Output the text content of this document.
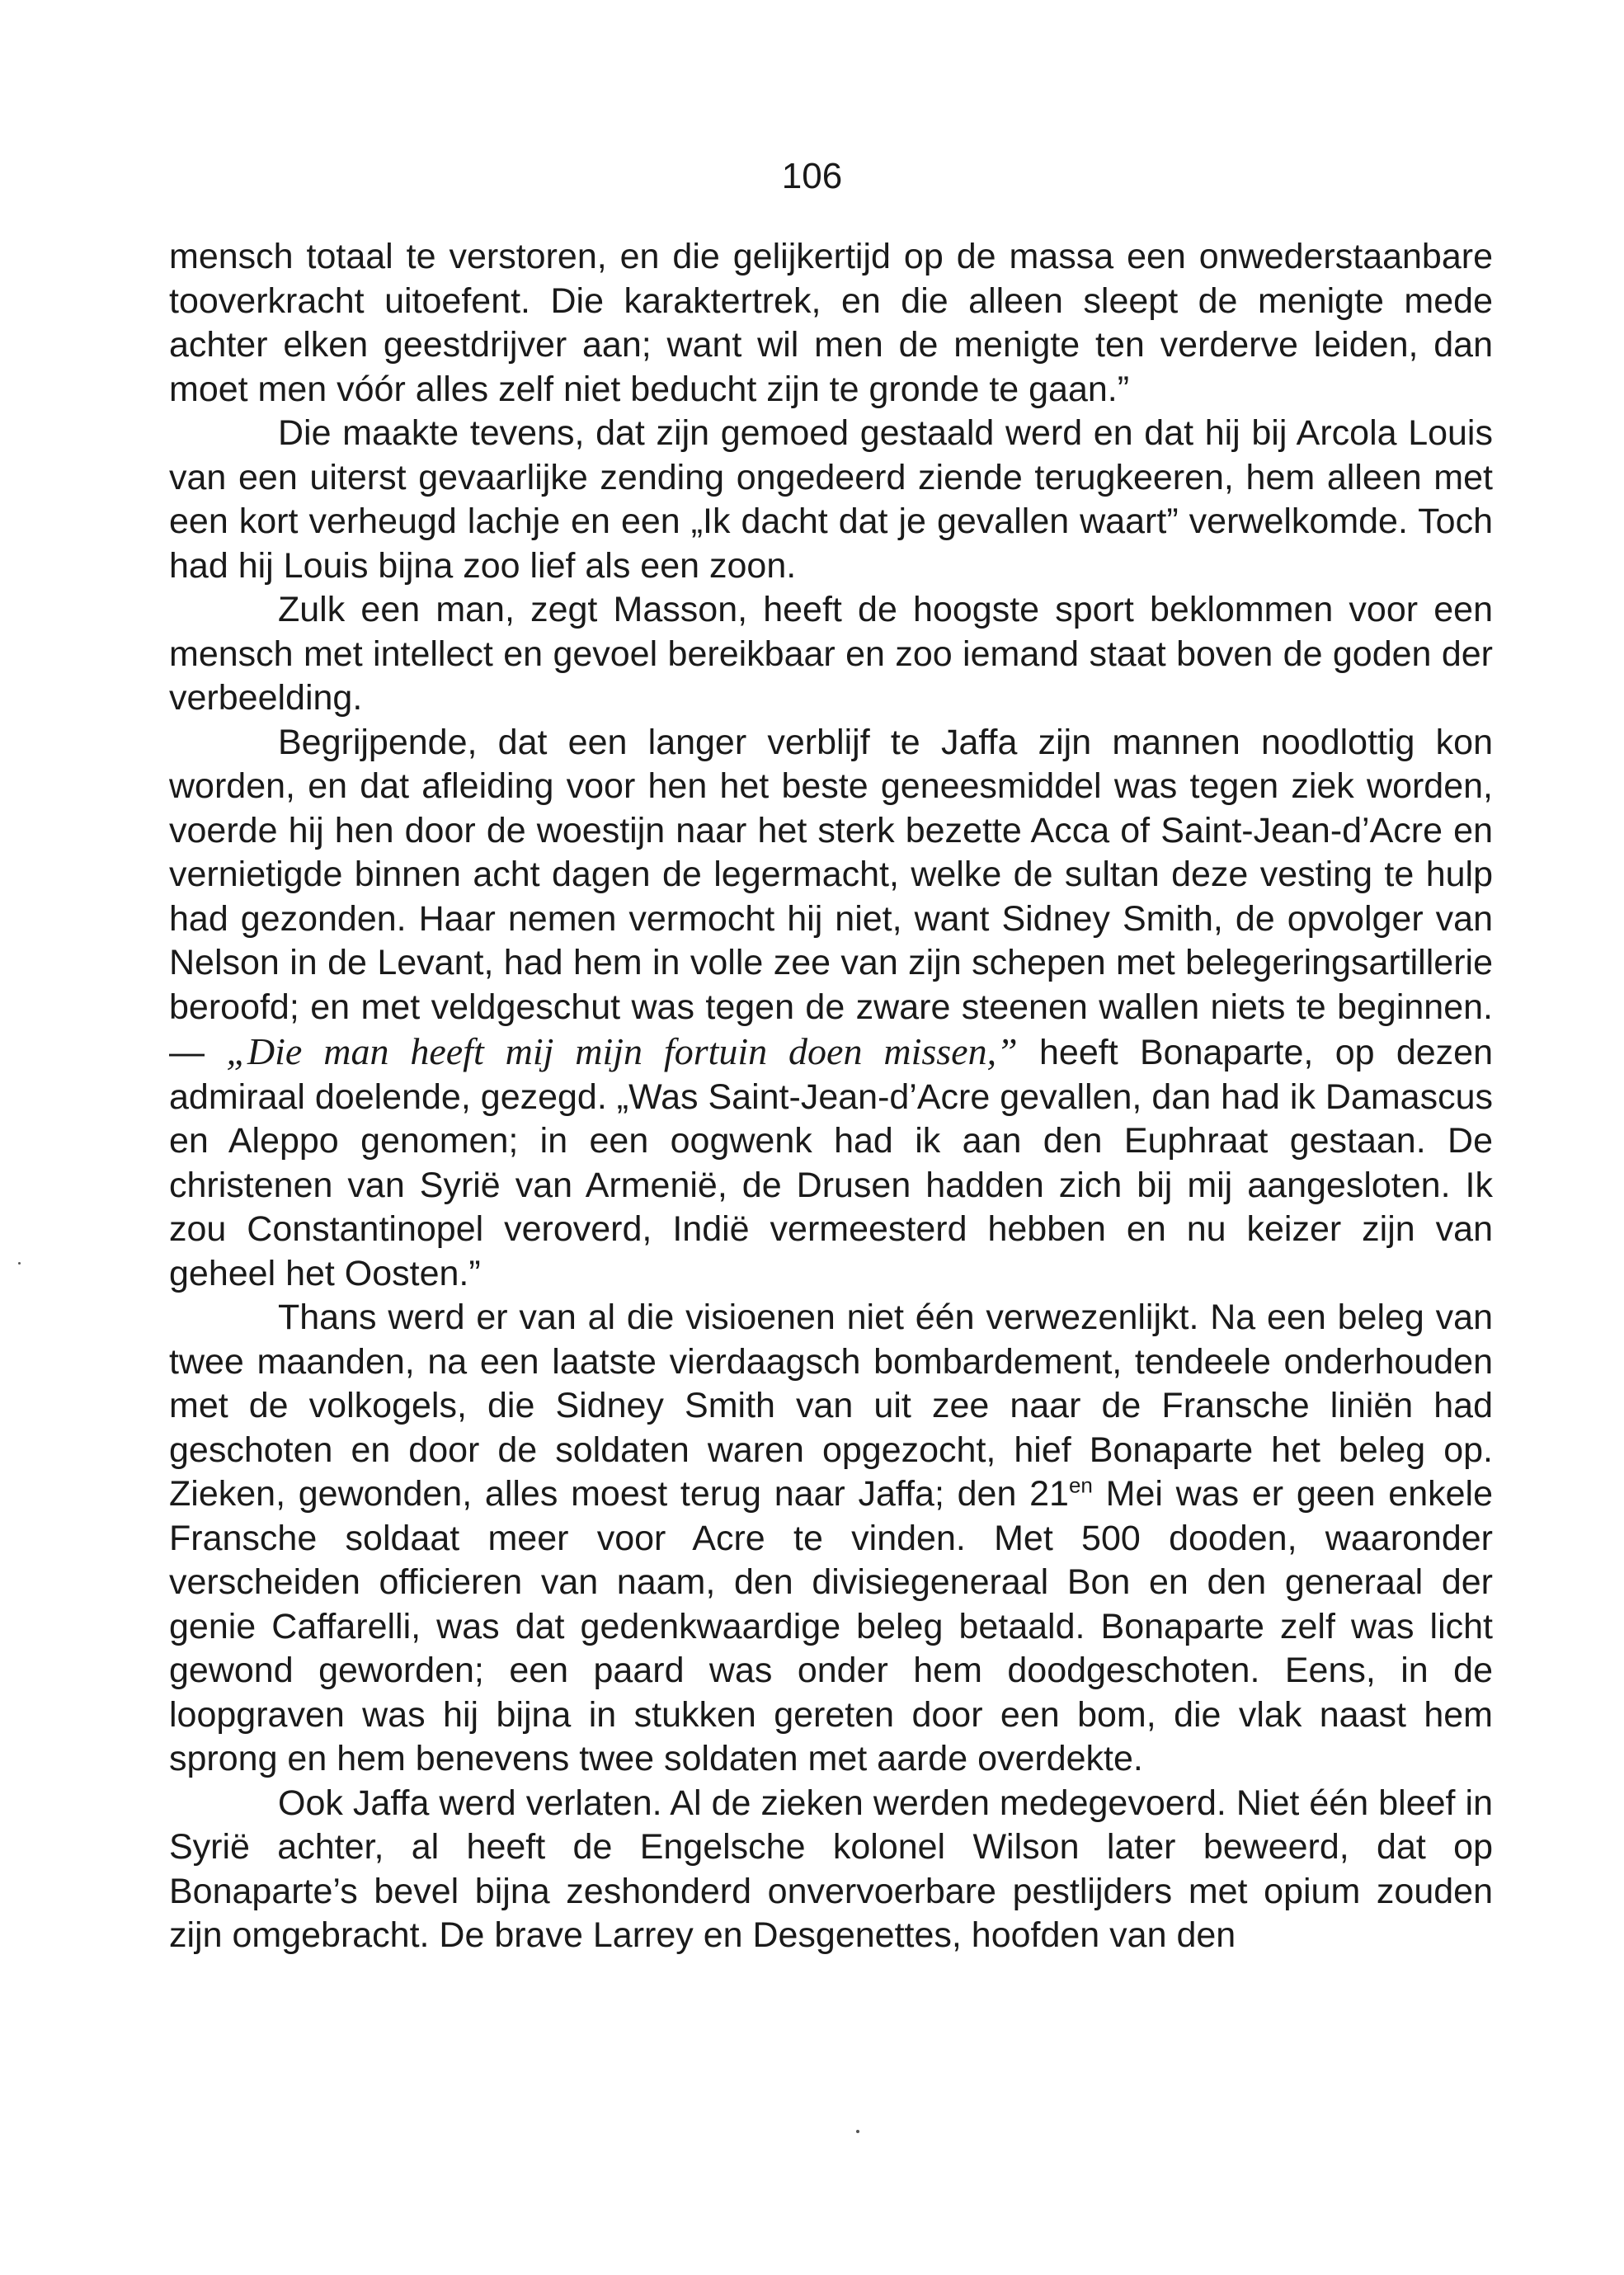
106

mensch totaal te verstoren, en die gelijkertijd op de massa een onwederstaanbare tooverkracht uitoefent. Die karaktertrek, en die alleen sleept de menigte mede achter elken geestdrijver aan; want wil men de menigte ten verderve leiden, dan moet men vóór alles zelf niet beducht zijn te gronde te gaan.”

Die maakte tevens, dat zijn gemoed gestaald werd en dat hij bij Arcola Louis van een uiterst gevaarlijke zending ongedeerd ziende terugkeeren, hem alleen met een kort verheugd lachje en een „Ik dacht dat je gevallen waart” verwelkomde. Toch had hij Louis bijna zoo lief als een zoon.

Zulk een man, zegt Masson, heeft de hoogste sport beklommen voor een mensch met intellect en gevoel bereikbaar en zoo iemand staat boven de goden der verbeelding.

Begrijpende, dat een langer verblijf te Jaffa zijn mannen noodlottig kon worden, en dat afleiding voor hen het beste geneesmiddel was tegen ziek worden, voerde hij hen door de woestijn naar het sterk bezette Acca of Saint-Jean-d’Acre en vernietigde binnen acht dagen de legermacht, welke de sultan deze vesting te hulp had gezonden. Haar nemen vermocht hij niet, want Sidney Smith, de opvolger van Nelson in de Levant, had hem in volle zee van zijn schepen met belegeringsartillerie beroofd; en met veldgeschut was tegen de zware steenen wallen niets te beginnen. — „Die man heeft mij mijn fortuin doen missen,” heeft Bonaparte, op dezen admiraal doelende, gezegd. „Was Saint-Jean-d’Acre gevallen, dan had ik Damascus en Aleppo genomen; in een oogwenk had ik aan den Euphraat gestaan. De christenen van Syrië van Armenië, de Drusen hadden zich bij mij aangesloten. Ik zou Constantinopel veroverd, Indië vermeesterd hebben en nu keizer zijn van geheel het Oosten.”

Thans werd er van al die visioenen niet één verwezenlijkt. Na een beleg van twee maanden, na een laatste vierdaagsch bombardement, tendeele onderhouden met de volkogels, die Sidney Smith van uit zee naar de Fransche liniën had geschoten en door de soldaten waren opgezocht, hief Bonaparte het beleg op. Zieken, gewonden, alles moest terug naar Jaffa; den $21^{en}$ Mei was er geen enkele Fransche soldaat meer voor Acre te vinden. Met 500 dooden, waaronder verscheiden officieren van naam, den divisiegeneraal Bon en den generaal der genie Caffarelli, was dat gedenkwaardige beleg betaald. Bonaparte zelf was licht gewond geworden; een paard was onder hem doodgeschoten. Eens, in de loopgraven was hij bijna in stukken gereten door een bom, die vlak naast hem sprong en hem benevens twee soldaten met aarde overdekte.

Ook Jaffa werd verlaten. Al de zieken werden medegevoerd. Niet één bleef in Syrië achter, al heeft de Engelsche kolonel Wilson later beweerd, dat op Bonaparte’s bevel bijna zeshonderd onvervoerbare pestlijders met opium zouden zijn omgebracht. De brave Larrey en Desgenettes, hoofden van den
